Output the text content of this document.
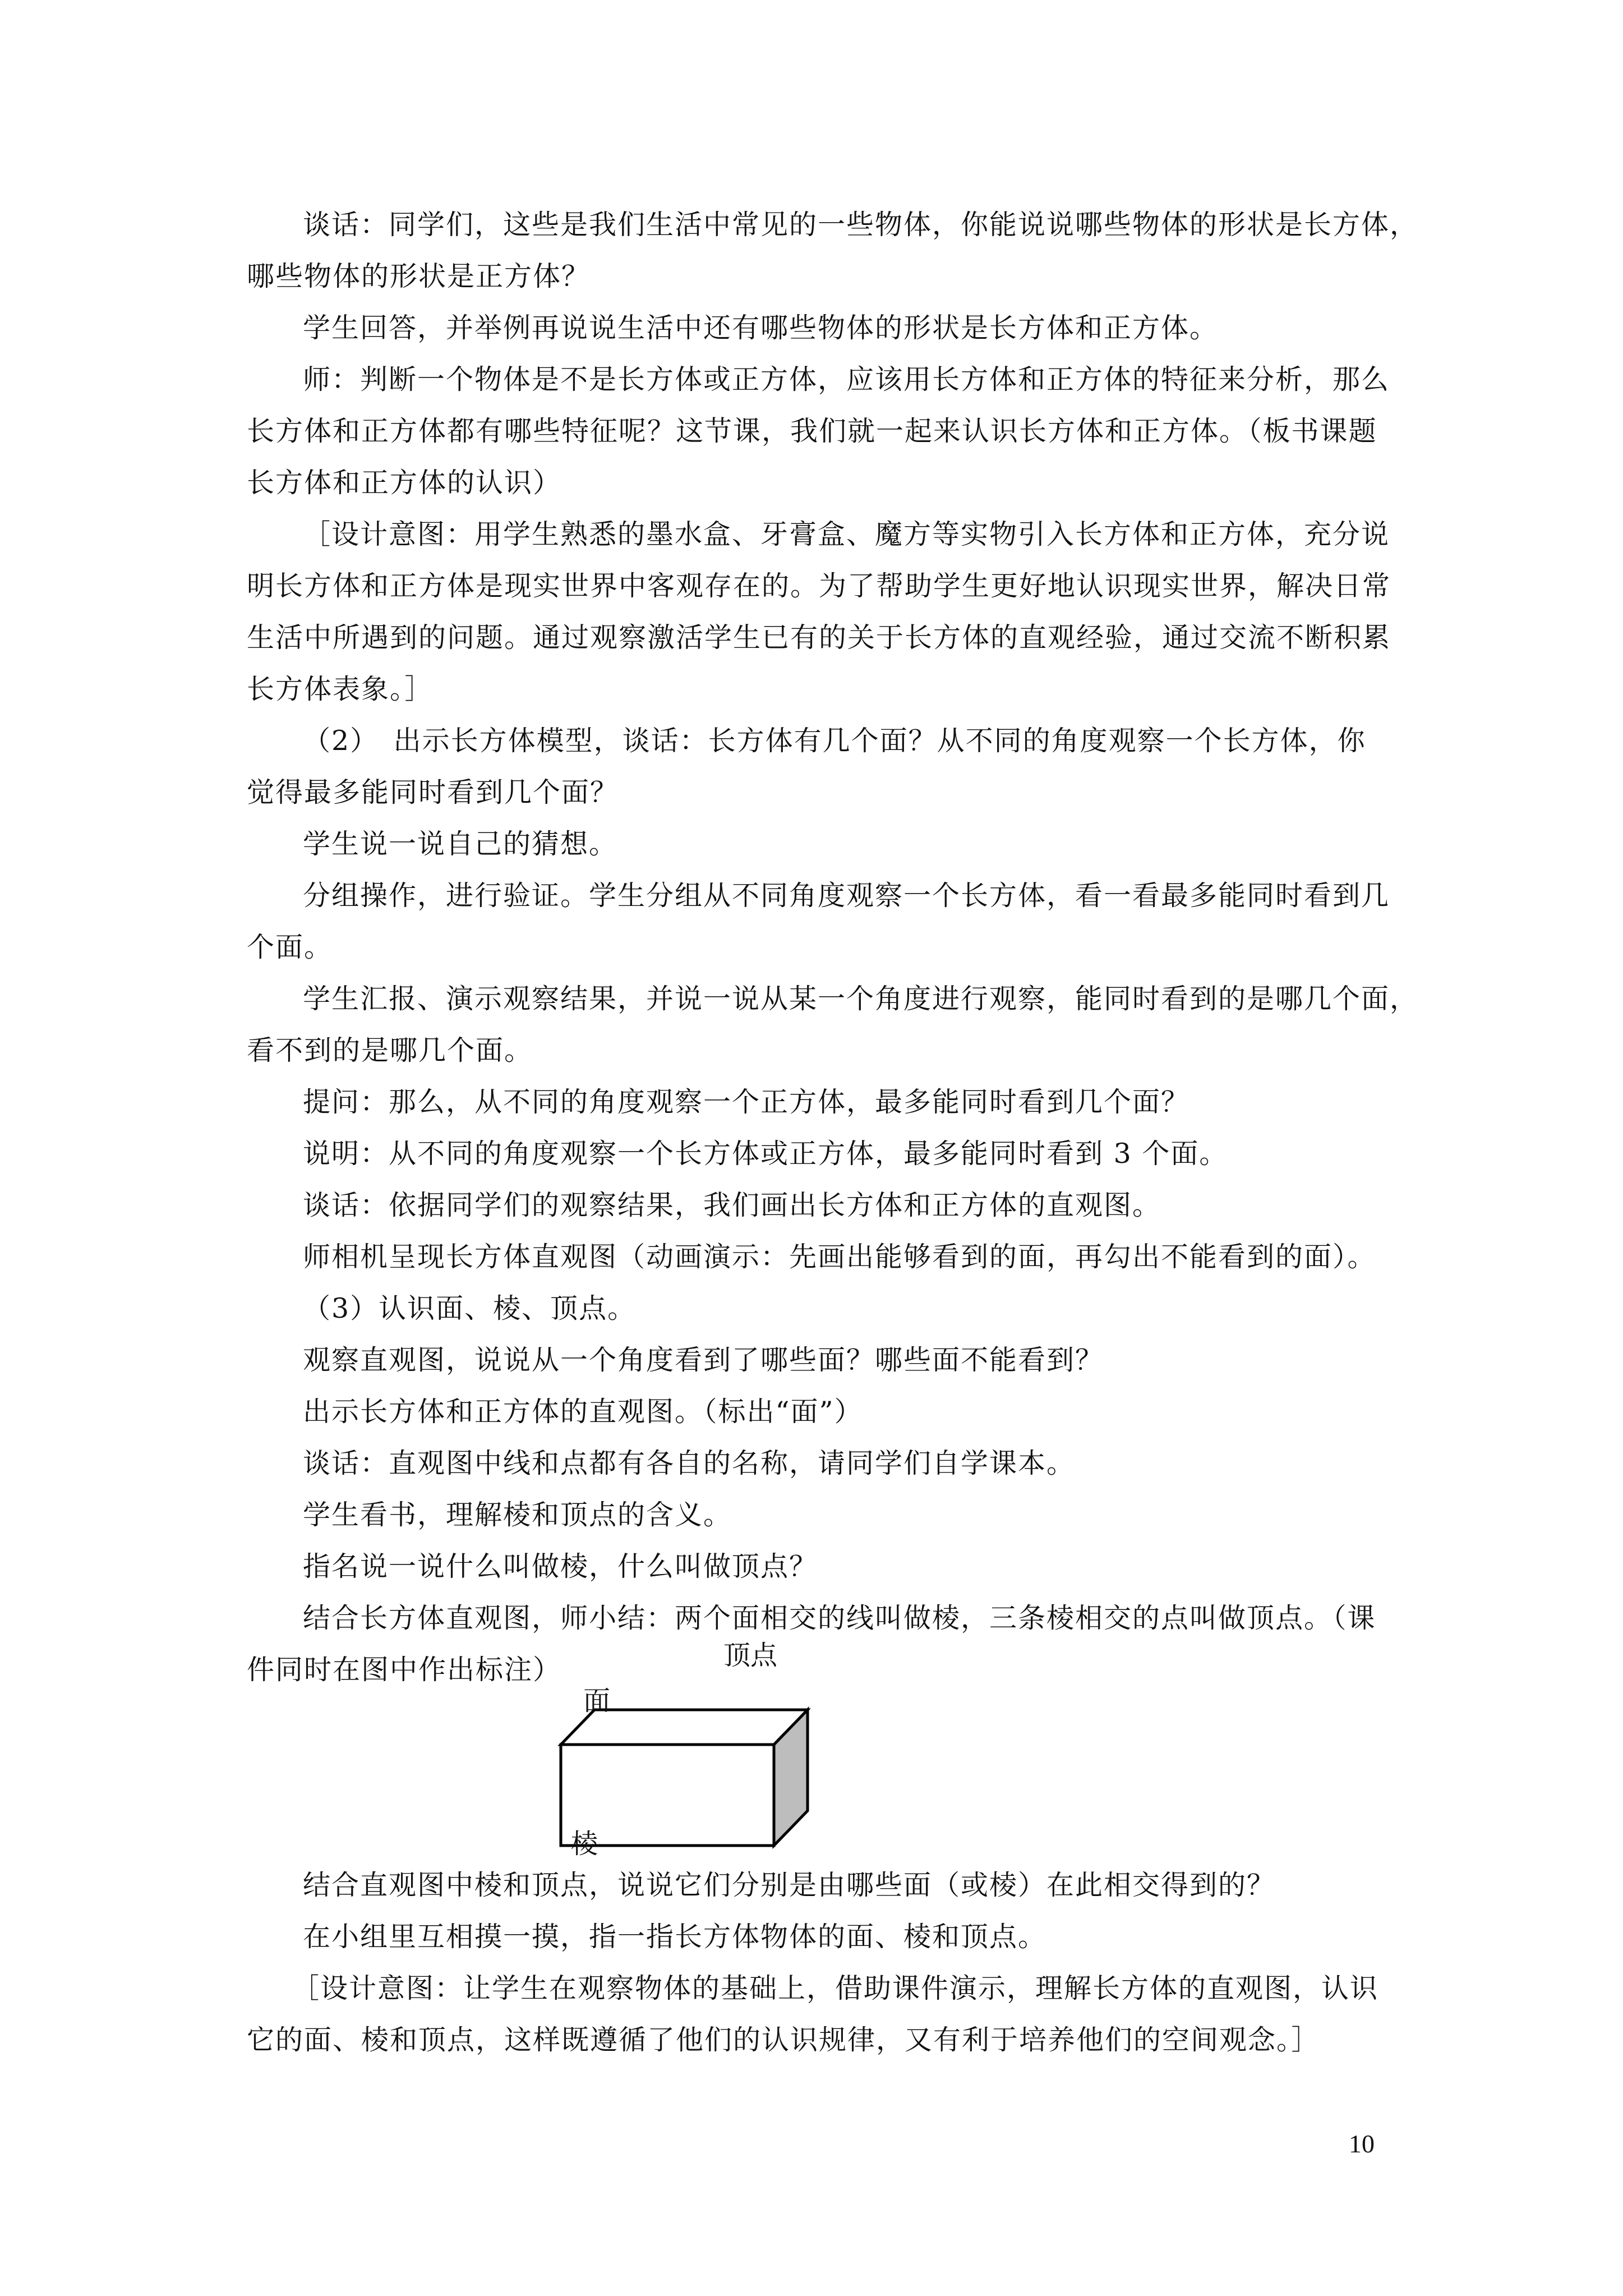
谈话：同学们，这些是我们生活中常见的一些物体，你能说说哪些物体的形状是长方体，
哪些物体的形状是正方体？
学生回答，并举例再说说生活中还有哪些物体的形状是长方体和正方体。
师：判断一个物体是不是长方体或正方体，应该用长方体和正方体的特征来分析，那么
长方体和正方体都有哪些特征呢？这节课，我们就一起来认识长方体和正方体。（板书课题
长方体和正方体的认识）
［设计意图：用学生熟悉的墨水盒、牙膏盒、魔方等实物引入长方体和正方体，充分说
明长方体和正方体是现实世界中客观存在的。为了帮助学生更好地认识现实世界，解决日常
生活中所遇到的问题。通过观察激活学生已有的关于长方体的直观经验，通过交流不断积累
长方体表象。］
（2）　出示长方体模型，谈话：长方体有几个面？从不同的角度观察一个长方体，你
觉得最多能同时看到几个面？
学生说一说自己的猜想。
分组操作，进行验证。学生分组从不同角度观察一个长方体，看一看最多能同时看到几
个面。
学生汇报、演示观察结果，并说一说从某一个角度进行观察，能同时看到的是哪几个面，
看不到的是哪几个面。
提问：那么，从不同的角度观察一个正方体，最多能同时看到几个面？
说明：从不同的角度观察一个长方体或正方体，最多能同时看到 3 个面。
谈话：依据同学们的观察结果，我们画出长方体和正方体的直观图。
师相机呈现长方体直观图（动画演示：先画出能够看到的面，再勾出不能看到的面）。
（3）认识面、棱、顶点。
观察直观图，说说从一个角度看到了哪些面？哪些面不能看到？
出示长方体和正方体的直观图。（标出“面”）
谈话：直观图中线和点都有各自的名称，请同学们自学课本。
学生看书，理解棱和顶点的含义。
指名说一说什么叫做棱，什么叫做顶点？
结合长方体直观图，师小结：两个面相交的线叫做棱，三条棱相交的点叫做顶点。（课
件同时在图中作出标注）	顶点
面
棱
结合直观图中棱和顶点，说说它们分别是由哪些面（或棱）在此相交得到的？
在小组里互相摸一摸，指一指长方体物体的面、棱和顶点。
［设计意图：让学生在观察物体的基础上，借助课件演示，理解长方体的直观图，认识
它的面、棱和顶点，这样既遵循了他们的认识规律，又有利于培养他们的空间观念。］
10
